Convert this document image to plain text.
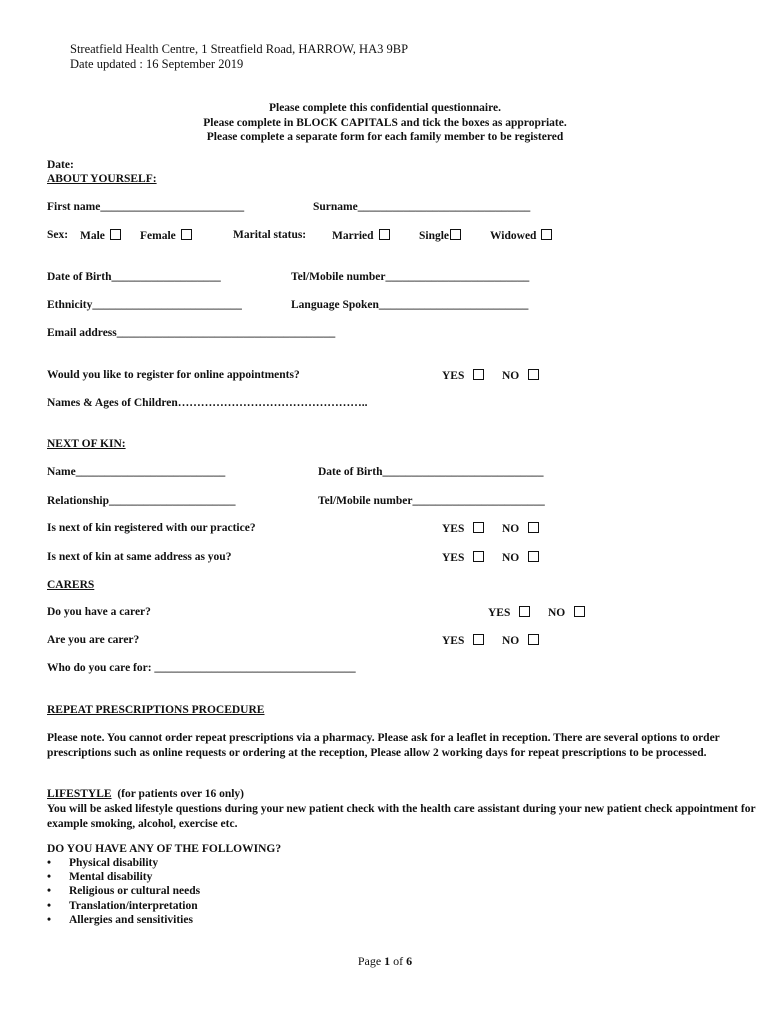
Streatfield Health Centre, 1 Streatfield Road, HARROW, HA3 9BP
Date updated : 16 September 2019
Please complete this confidential questionnaire.
Please complete in BLOCK CAPITALS and tick the boxes as appropriate.
Please complete a separate form for each family member to be registered
Date:
ABOUT YOURSELF:
First name_________________________	Surname______________________________
Sex: Male	Female	Marital status: Married	Single	Widowed
Date of Birth___________________	Tel/Mobile number_________________________
Ethnicity__________________________	Language Spoken__________________________
Email address______________________________________
Would you like to register for online appointments?	YES	NO
Names & Ages of Children…………………………………………..
NEXT OF KIN:
Name__________________________	Date of Birth____________________________
Relationship______________________	Tel/Mobile number_______________________
Is next of kin registered with our practice?	YES	NO
Is next of kin at same address as you?	YES	NO
CARERS
Do you have a carer?	YES	NO
Are you are carer?	YES	NO
Who do you care for: ___________________________________
REPEAT PRESCRIPTIONS PROCEDURE
Please note. You cannot order repeat prescriptions via a pharmacy. Please ask for a leaflet in reception. There are several options to order prescriptions such as online requests or ordering at the reception, Please allow 2 working days for repeat prescriptions to be processed.
LIFESTYLE (for patients over 16 only)
You will be asked lifestyle questions during your new patient check with the health care assistant during your new patient check appointment for example smoking, alcohol, exercise etc.
DO YOU HAVE ANY OF THE FOLLOWING?
• Physical disability
• Mental disability
• Religious or cultural needs
• Translation/interpretation
• Allergies and sensitivities
Page 1 of 6
